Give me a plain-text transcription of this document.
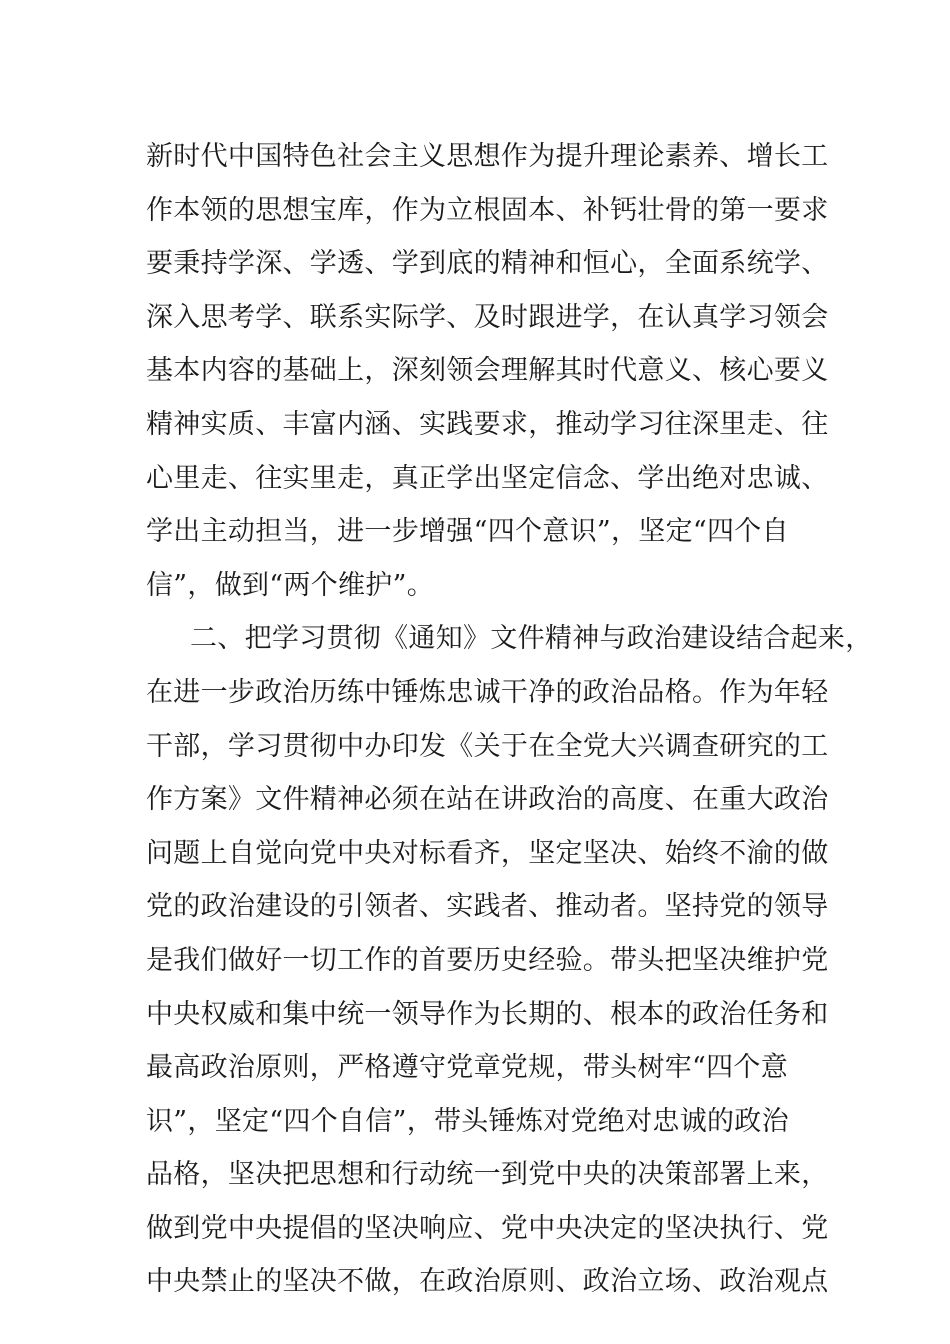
新时代中国特色社会主义思想作为提升理论素养、增长工
作本领的思想宝库，作为立根固本、补钙壮骨的第一要求
要秉持学深、学透、学到底的精神和恒心，全面系统学、
深入思考学、联系实际学、及时跟进学，在认真学习领会
基本内容的基础上，深刻领会理解其时代意义、核心要义
精神实质、丰富内涵、实践要求，推动学习往深里走、往
心里走、往实里走，真正学出坚定信念、学出绝对忠诚、
学出主动担当，进一步增强“四个意识”，坚定“四个自
信”，做到“两个维护”。
二、把学习贯彻《通知》文件精神与政治建设结合起来，
在进一步政治历练中锤炼忠诚干净的政治品格。作为年轻
干部，学习贯彻中办印发《关于在全党大兴调查研究的工
作方案》文件精神必须在站在讲政治的高度、在重大政治
问题上自觉向党中央对标看齐，坚定坚决、始终不渝的做
党的政治建设的引领者、实践者、推动者。坚持党的领导
是我们做好一切工作的首要历史经验。带头把坚决维护党
中央权威和集中统一领导作为长期的、根本的政治任务和
最高政治原则，严格遵守党章党规，带头树牢“四个意
识”，坚定“四个自信”，带头锤炼对党绝对忠诚的政治
品格，坚决把思想和行动统一到党中央的决策部署上来，
做到党中央提倡的坚决响应、党中央决定的坚决执行、党
中央禁止的坚决不做，在政治原则、政治立场、政治观点
